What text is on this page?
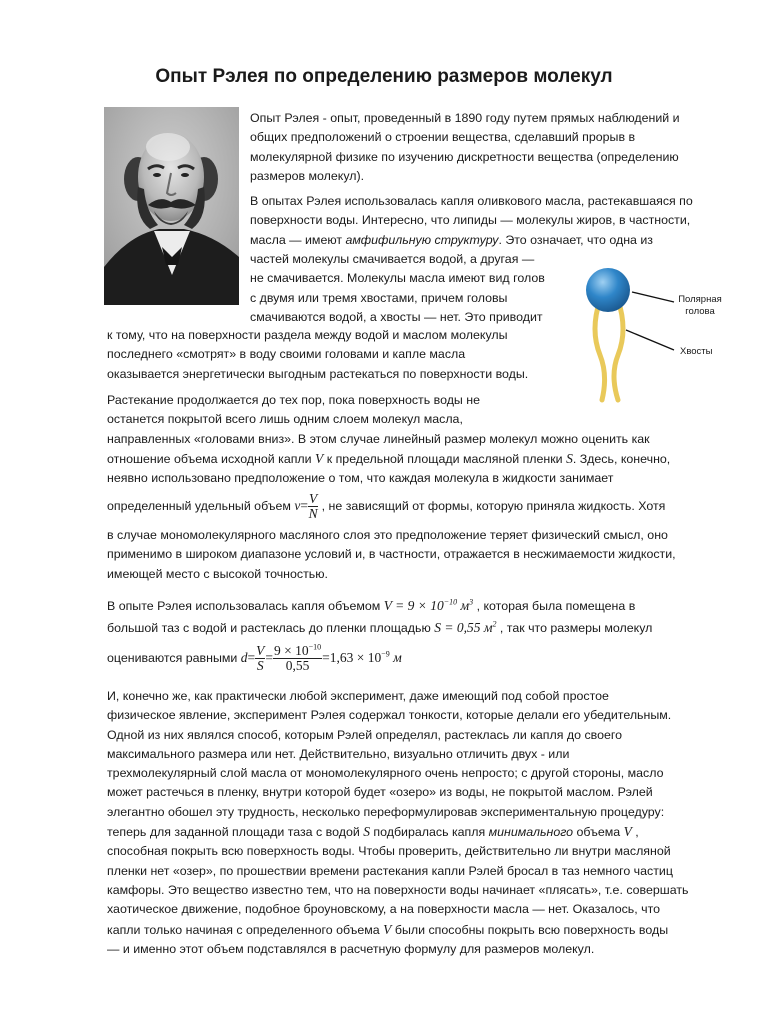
Опыт Рэлея по определению размеров молекул
Опыт Рэлея - опыт, проведенный в 1890 году путем прямых наблюдений и
общих предположений о строении вещества, сделавший прорыв в
молекулярной физике по изучению дискретности вещества (определению
размеров молекул).
В опытах Рэлея использовалась капля оливкового масла, растекавшаяся по
поверхности воды. Интересно, что липиды — молекулы жиров, в частности,
масла — имеют амфифильную структуру. Это означает, что одна из
частей молекулы смачивается водой, а другая —
не смачивается. Молекулы масла имеют вид голов
с двумя или тремя хвостами, причем головы
смачиваются водой, а хвосты — нет. Это приводит
к тому, что на поверхности раздела между водой и маслом молекулы
последнего «смотрят» в воду своими головами и капле масла
оказывается энергетически выгодным растекаться по поверхности воды.
Полярная
голова
Хвосты
Растекание продолжается до тех пор, пока поверхность воды не
останется покрытой всего лишь одним слоем молекул масла,
направленных «головами вниз». В этом случае линейный размер молекул можно оценить как
отношение объема исходной капли V к предельной площади масляной пленки S. Здесь, конечно,
неявно использовано предположение о том, что каждая молекула в жидкости занимает
определенный удельный объем $v= \frac{V}{N}$ , не зависящий от формы, которую приняла жидкость. Хотя
в случае мономолекулярного масляного слоя это предположение теряет физический смысл, оно
применимо в широком диапазоне условий и, в частности, отражается в несжимаемости жидкости,
имеющей место с высокой точностью.
В опыте Рэлея использовалась капля объемом $V = 9 \times 10^{-10}$ $м^3$ , которая была помещена в
большой таз с водой и растеклась до пленки площадью S = 0,55 $м^2$ , так что размеры молекул
оцениваются равными $d= \frac{V}{S} = \frac{9 \times 10^{-10}}{0,55} =1,63 \times 10^{-9}$ м
И, конечно же, как практически любой эксперимент, даже имеющий под собой простое
физическое явление, эксперимент Рэлея содержал тонкости, которые делали его убедительным.
Одной из них являлся способ, которым Рэлей определял, растеклась ли капля до своего
максимального размера или нет. Действительно, визуально отличить двух - или
трехмолекулярный слой масла от мономолекулярного очень непросто; с другой стороны, масло
может растечься в пленку, внутри которой будет «озеро» из воды, не покрытой маслом. Рэлей
элегантно обошел эту трудность, несколько переформулировав экспериментальную процедуру:
теперь для заданной площади таза с водой S подбиралась капля минимального объема V ,
способная покрыть всю поверхность воды. Чтобы проверить, действительно ли внутри масляной
пленки нет «озер», по прошествии времени растекания капли Рэлей бросал в таз немного частиц
камфоры. Это вещество известно тем, что на поверхности воды начинает «плясать», т.е. совершать
хаотическое движение, подобное броуновскому, а на поверхности масла — нет. Оказалось, что
капли только начиная с определенного объема V были способны покрыть всю поверхность воды
— и именно этот объем подставлялся в расчетную формулу для размеров молекул.
